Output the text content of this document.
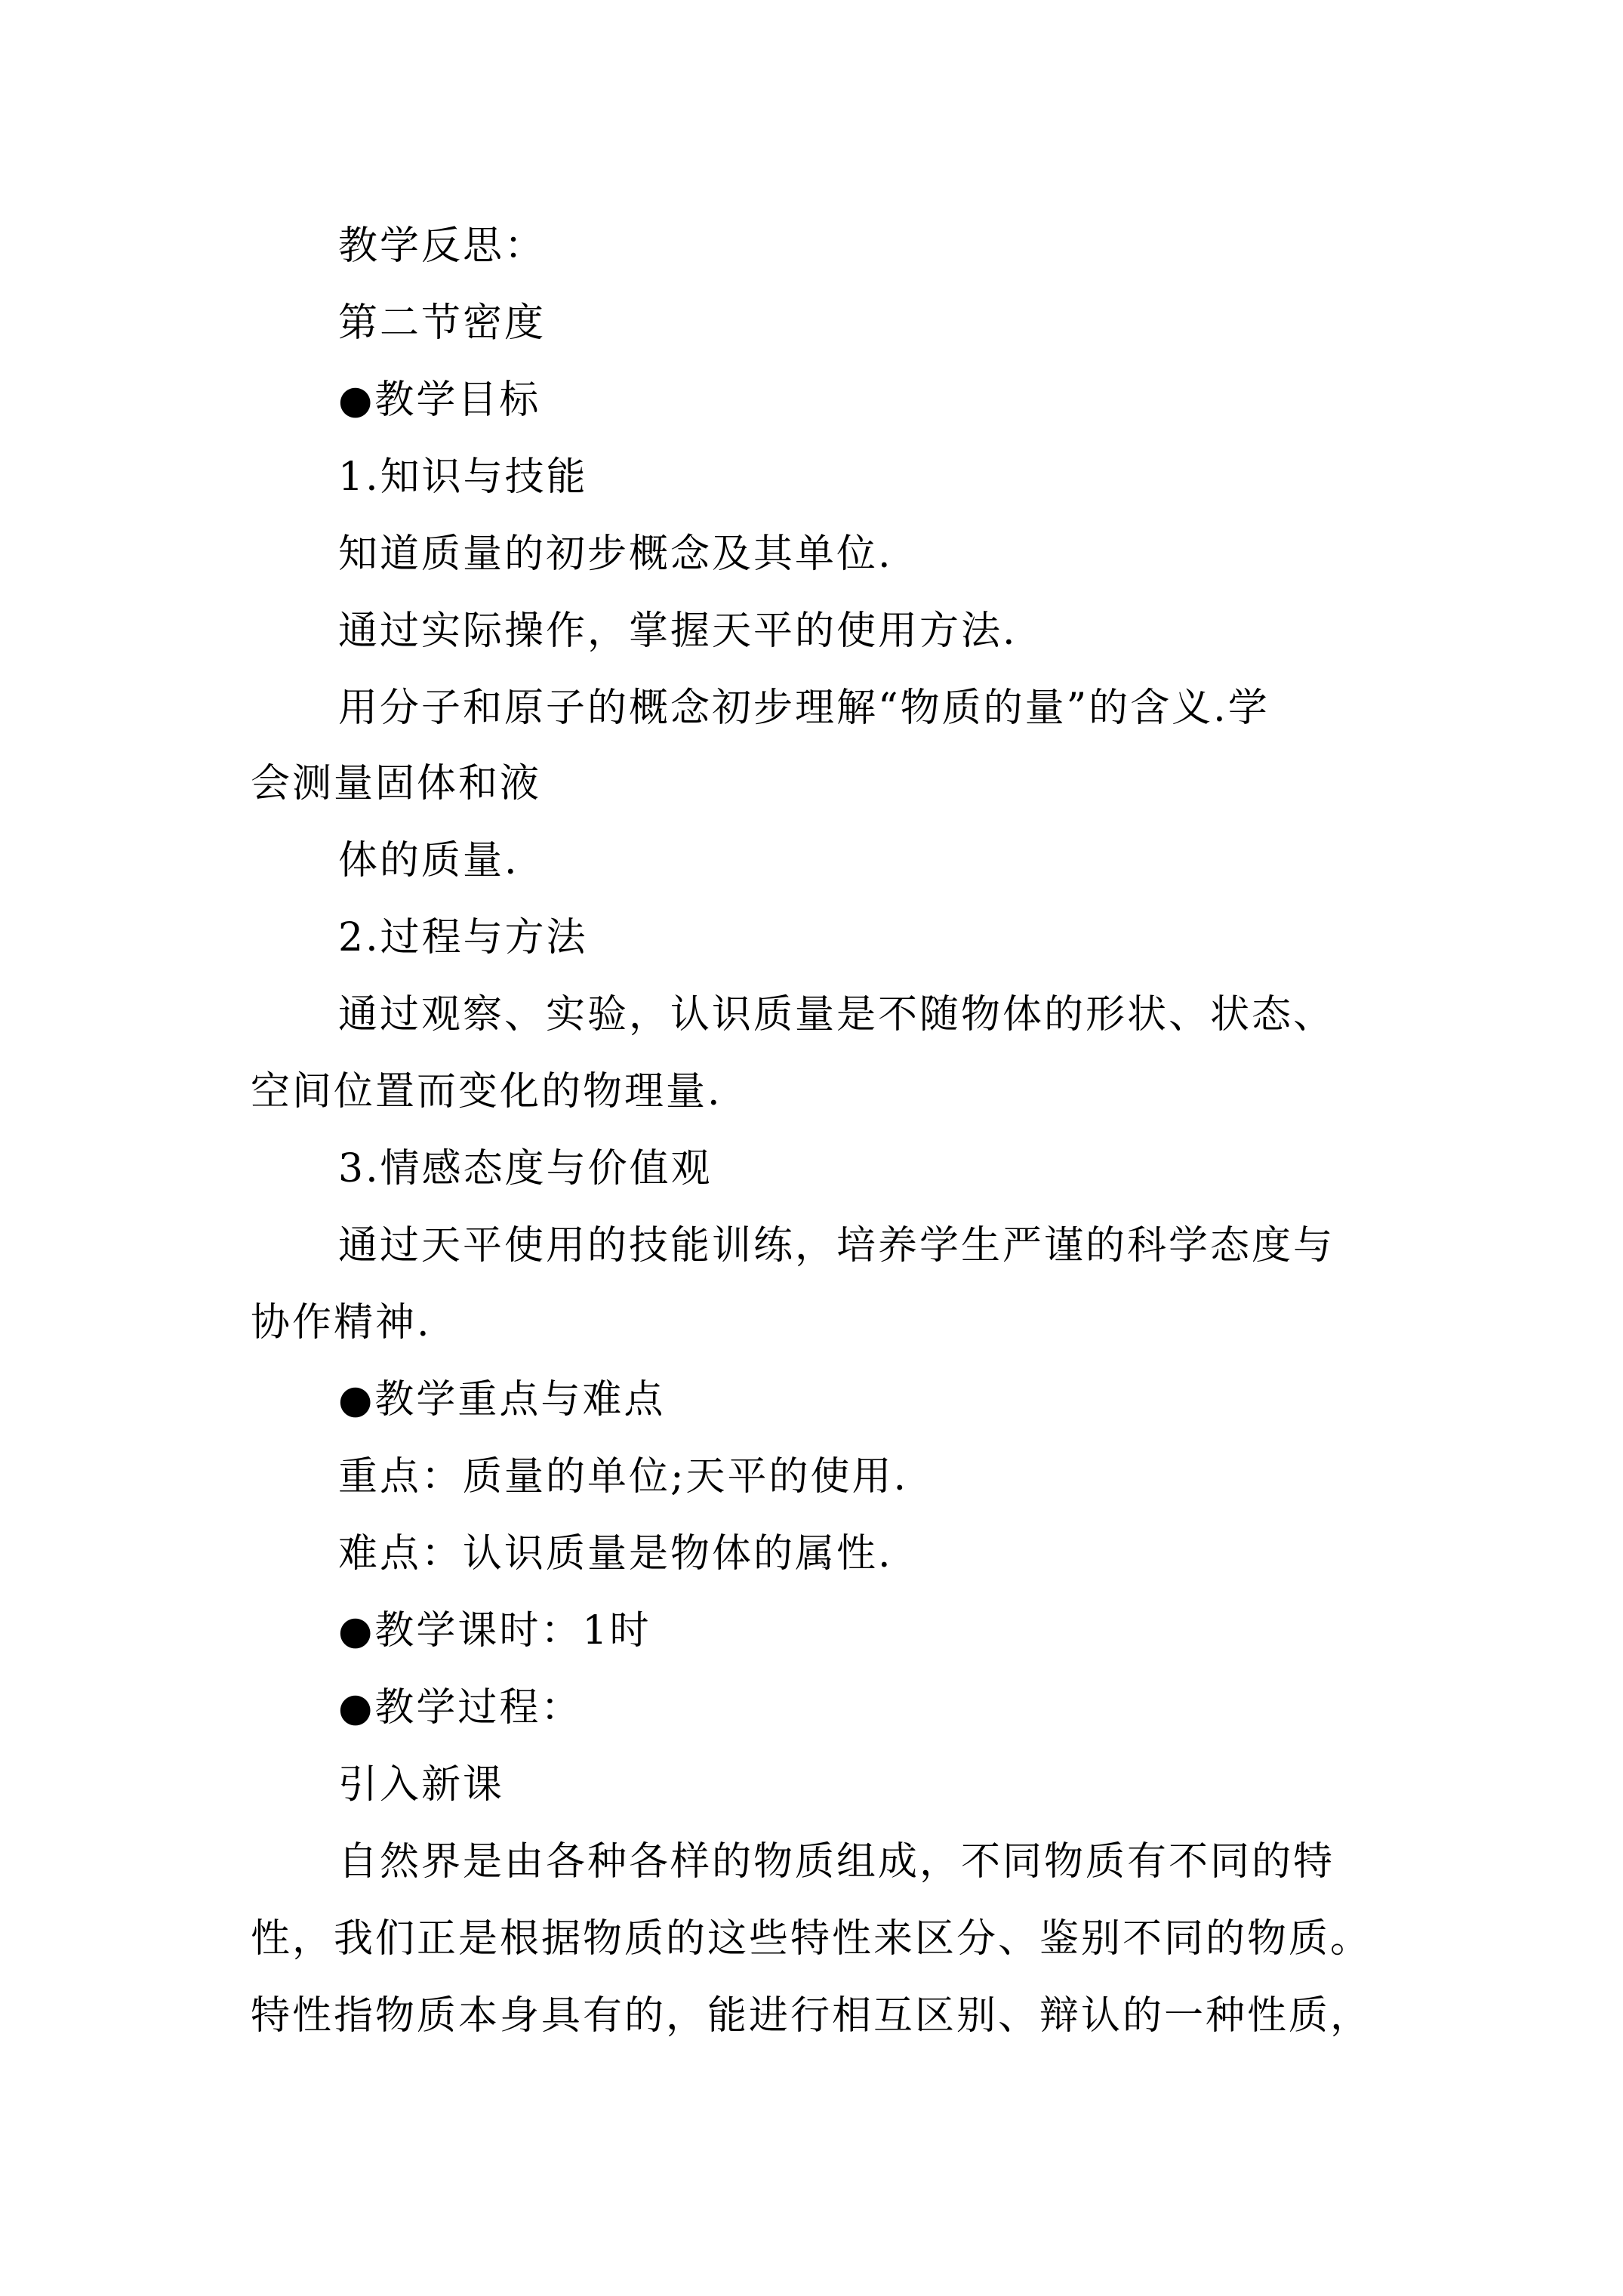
教学反思：
第二节密度
●教学目标
1.知识与技能
知道质量的初步概念及其单位.
通过实际操作，掌握天平的使用方法.
用分子和原子的概念初步理解“物质的量”的含义.学
会测量固体和液
体的质量.
2.过程与方法
通过观察、实验，认识质量是不随物体的形状、状态、
空间位置而变化的物理量.
3.情感态度与价值观
通过天平使用的技能训练，培养学生严谨的科学态度与
协作精神.
●教学重点与难点
重点：质量的单位;天平的使用.
难点：认识质量是物体的属性.
●教学课时：1时
●教学过程：
引入新课
自然界是由各种各样的物质组成，不同物质有不同的特
性，我们正是根据物质的这些特性来区分、鉴别不同的物质。
特性指物质本身具有的，能进行相互区别、辩认的一种性质，
